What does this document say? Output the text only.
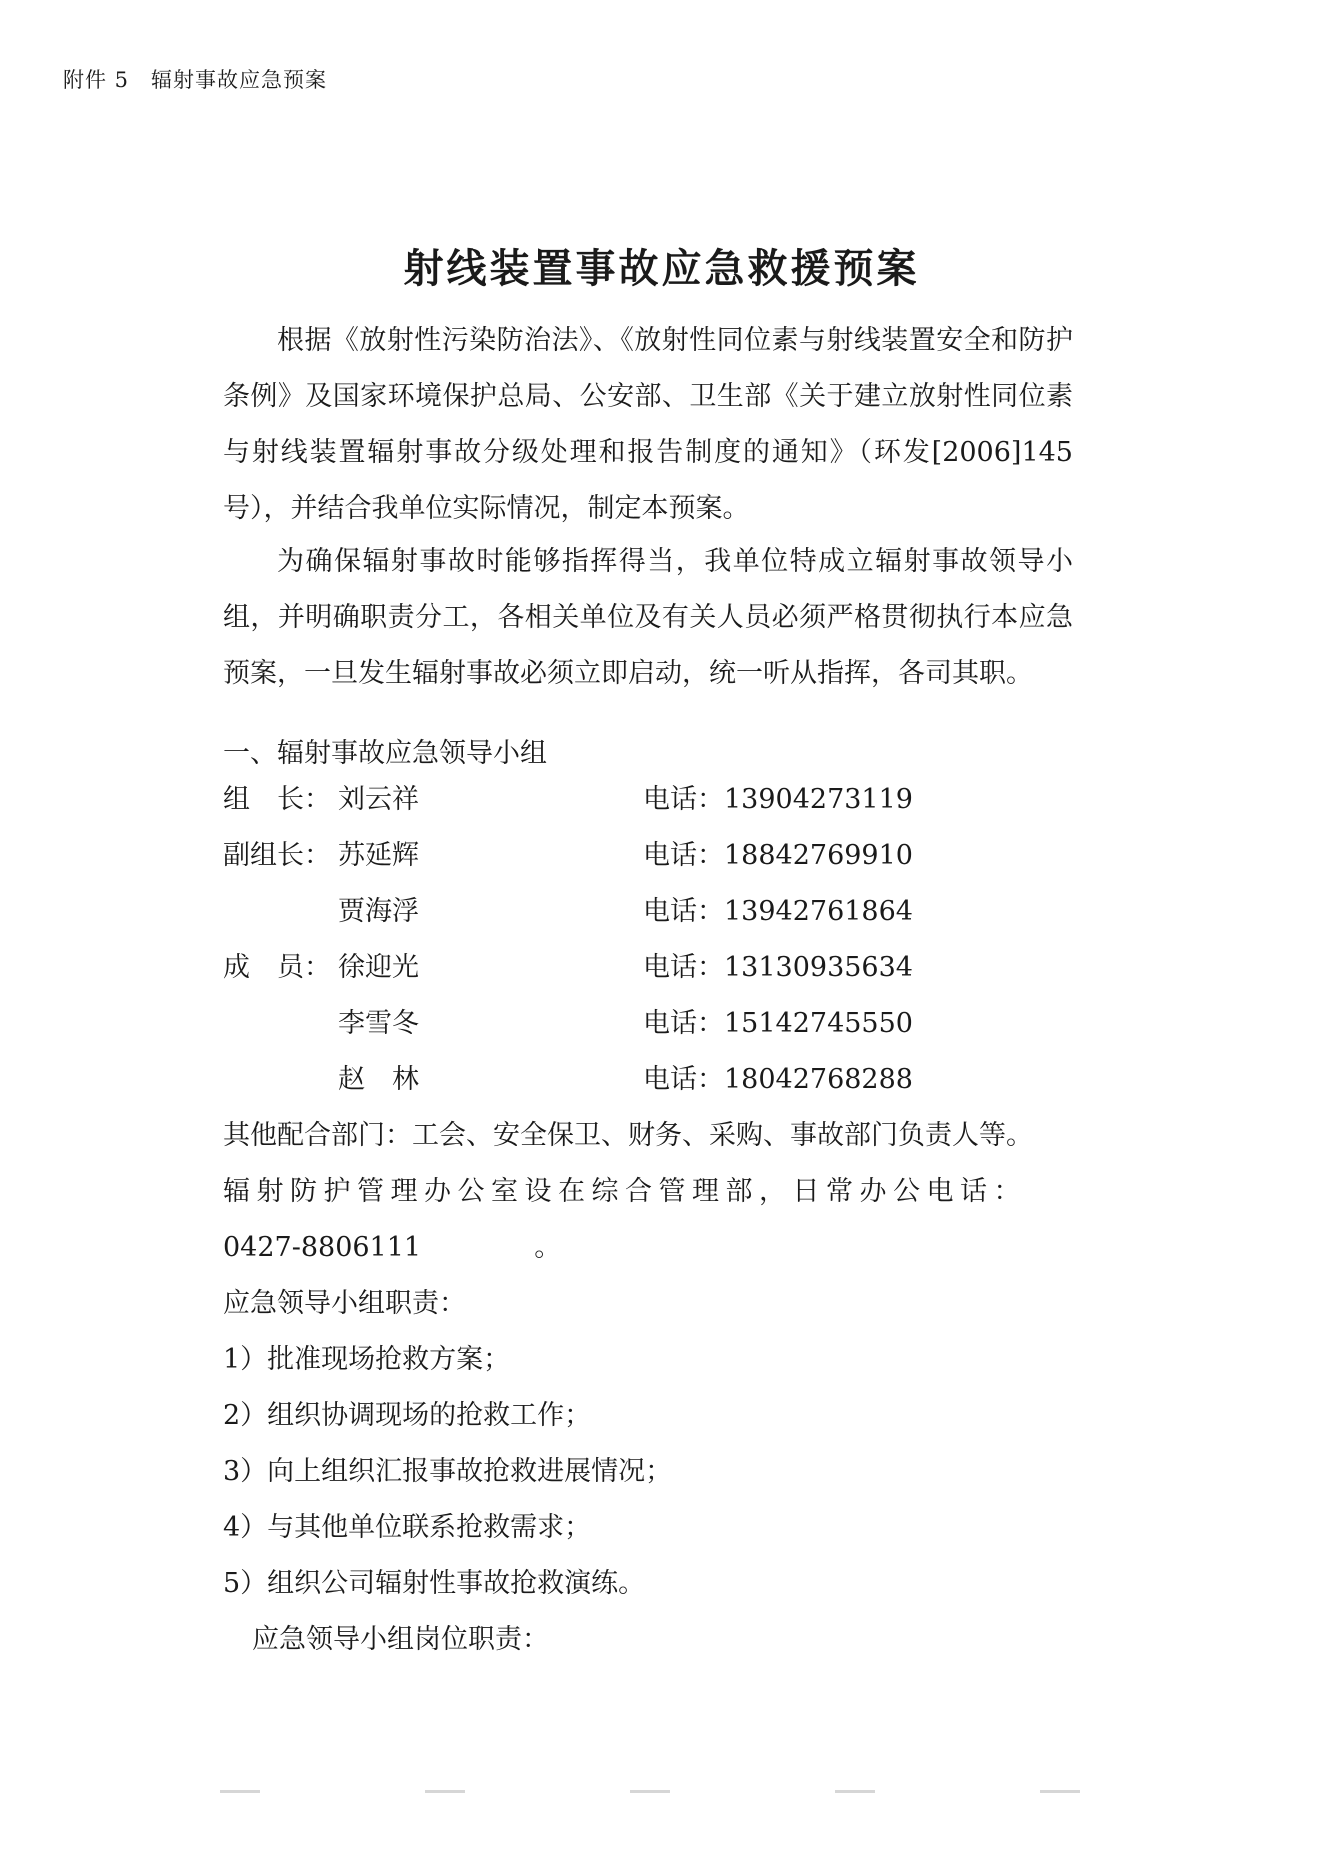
附件 5　辐射事故应急预案
射线装置事故应急救援预案

根据《放射性污染防治法》、《放射性同位素与射线装置安全和防护条例》及国家环境保护总局、公安部、卫生部《关于建立放射性同位素与射线装置辐射事故分级处理和报告制度的通知》（环发[2006]145 号），并结合我单位实际情况，制定本预案。

为确保辐射事故时能够指挥得当，我单位特成立辐射事故领导小组，并明确职责分工，各相关单位及有关人员必须严格贯彻执行本应急预案，一旦发生辐射事故必须立即启动，统一听从指挥，各司其职。

一、辐射事故应急领导小组
组　长： 刘云祥	电话：13904273119
副组长： 苏延辉	电话：18842769910
贾海浮	电话：13942761864
成　员： 徐迎光	电话：13130935634
李雪冬	电话：15142745550
赵　林	电话：18042768288
其他配合部门：工会、安全保卫、财务、采购、事故部门负责人等。
辐射防护管理办公室设在综合管理部，日常办公电话：
0427-8806111	。
应急领导小组职责：
1）批准现场抢救方案；
2）组织协调现场的抢救工作；
3）向上组织汇报事故抢救进展情况；
4）与其他单位联系抢救需求；
5）组织公司辐射性事故抢救演练。
应急领导小组岗位职责：
